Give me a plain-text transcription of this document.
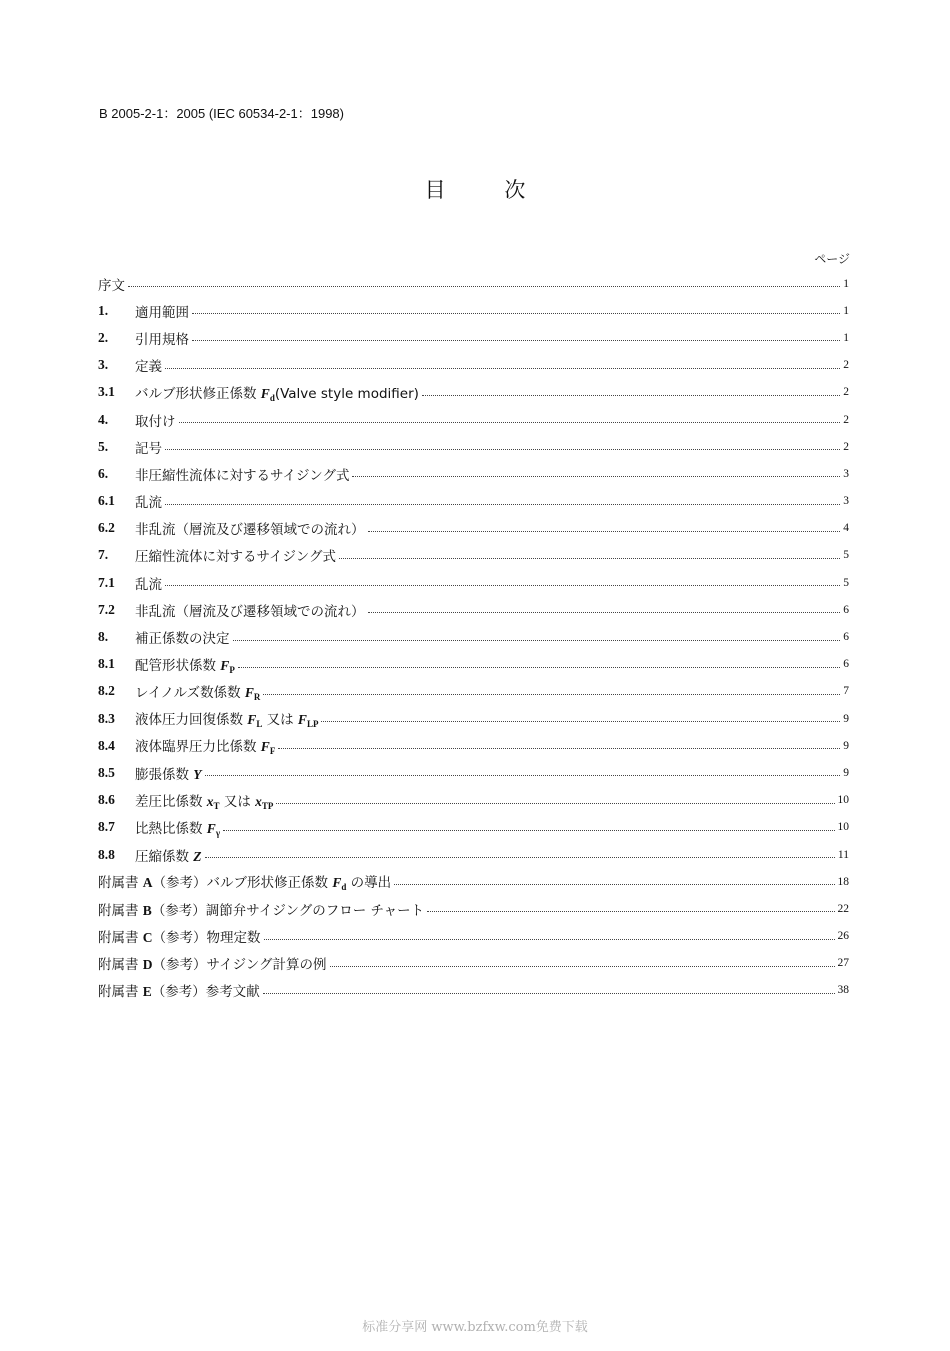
B 2005-2-1：2005 (IEC 60534-2-1：1998)
目 次
ページ
序文	1
1.	適用範囲	1
2.	引用規格	1
3.	定義	2
3.1	バルブ形状修正係数 $F_d(Valve$ style modifier)	2
4.	取付け	2
5.	記号	2
6.	非圧縮性流体に対するサイジング式	3
6.1	乱流	3
6.2	非乱流（層流及び遷移領域での流れ）	4
7.	圧縮性流体に対するサイジング式	5
7.1	乱流	5
7.2	非乱流（層流及び遷移領域での流れ）	6
8.	補正係数の決定	6
8.1	配管形状係数 $F_P$	6
8.2	レイノルズ数係数 $F_R$	7
8.3	液体圧力回復係数 $F_L$ 又は $F_{LP}$	9
8.4	液体臨界圧力比係数 $F_F$	9
8.5	膨張係数 Y	9
8.6	差圧比係数 $x_T$ 又は $x_{TP}$	10
8.7	比熱比係数 $F_\gamma$	10
8.8	圧縮係数 Z	11
附属書 A（参考）バルブ形状修正係数 $F_d$ の導出	18
附属書 B（参考）調節弁サイジングのフロー チャート	22
附属書 C（参考）物理定数	26
附属書 D（参考）サイジング計算の例	27
附属書 E（参考）参考文献	38
标准分享网 www.bzfxw.com免费下载
